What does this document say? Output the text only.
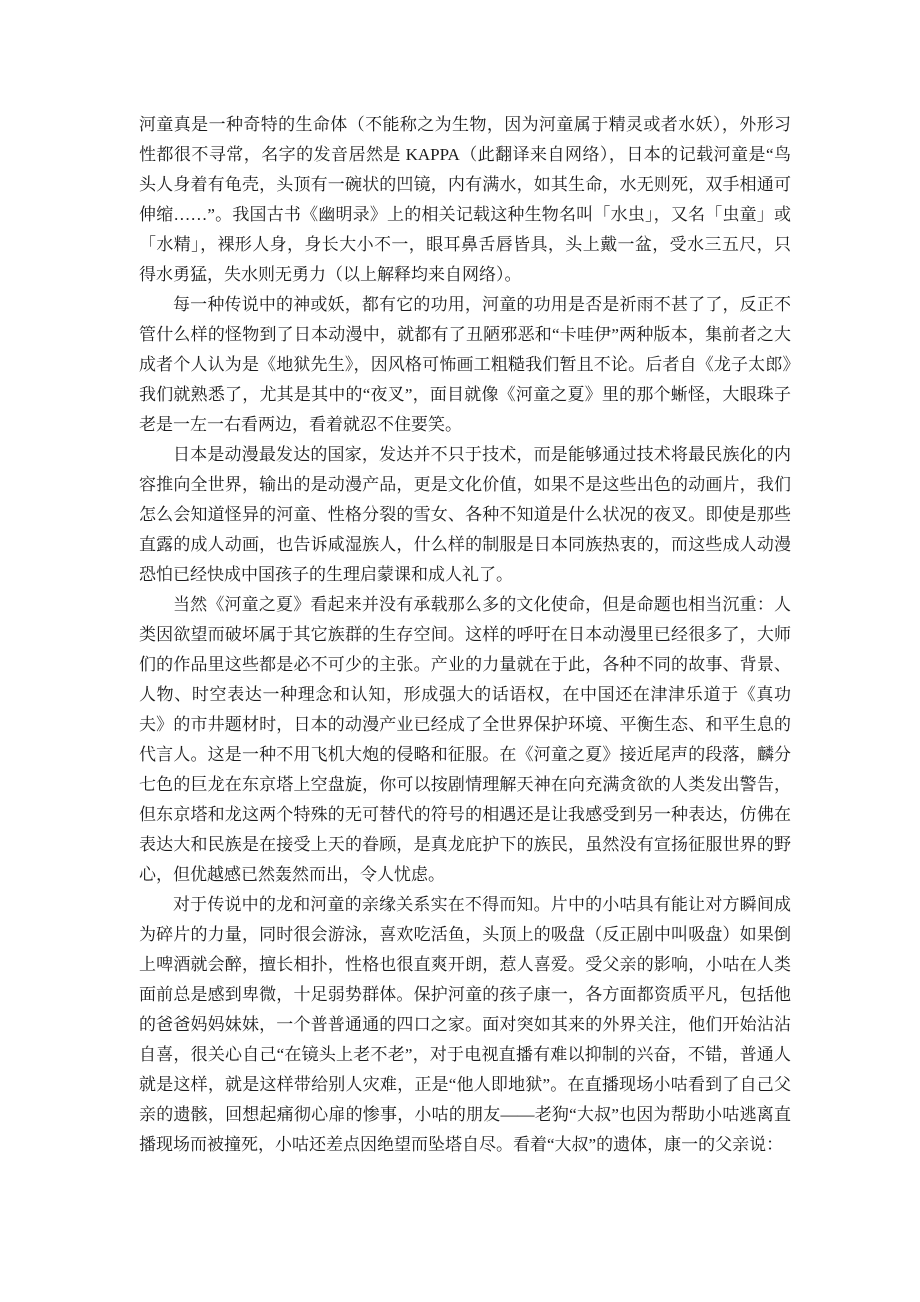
河童真是一种奇特的生命体（不能称之为生物，因为河童属于精灵或者水妖），外形习性都很不寻常，名字的发音居然是 KAPPA（此翻译来自网络），日本的记载河童是“鸟头人身着有龟壳，头顶有一碗状的凹镜，内有满水，如其生命，水无则死，双手相通可伸缩……”。我国古书《幽明录》上的相关记载这种生物名叫「水虫」，又名「虫童」或「水精」，裸形人身，身长大小不一，眼耳鼻舌唇皆具，头上戴一盆，受水三五尺，只得水勇猛，失水则无勇力（以上解释均来自网络）。

每一种传说中的神或妖，都有它的功用，河童的功用是否是祈雨不甚了了，反正不管什么样的怪物到了日本动漫中，就都有了丑陋邪恶和“卡哇伊”两种版本，集前者之大成者个人认为是《地狱先生》，因风格可怖画工粗糙我们暂且不论。后者自《龙子太郎》我们就熟悉了，尤其是其中的“夜叉”，面目就像《河童之夏》里的那个蜥怪，大眼珠子老是一左一右看两边，看着就忍不住要笑。

日本是动漫最发达的国家，发达并不只于技术，而是能够通过技术将最民族化的内容推向全世界，输出的是动漫产品，更是文化价值，如果不是这些出色的动画片，我们怎么会知道怪异的河童、性格分裂的雪女、各种不知道是什么状况的夜叉。即使是那些直露的成人动画，也告诉咸湿族人，什么样的制服是日本同族热衷的，而这些成人动漫恐怕已经快成中国孩子的生理启蒙课和成人礼了。

当然《河童之夏》看起来并没有承载那么多的文化使命，但是命题也相当沉重：人类因欲望而破坏属于其它族群的生存空间。这样的呼吁在日本动漫里已经很多了，大师们的作品里这些都是必不可少的主张。产业的力量就在于此，各种不同的故事、背景、人物、时空表达一种理念和认知，形成强大的话语权，在中国还在津津乐道于《真功夫》的市井题材时，日本的动漫产业已经成了全世界保护环境、平衡生态、和平生息的代言人。这是一种不用飞机大炮的侵略和征服。在《河童之夏》接近尾声的段落，麟分七色的巨龙在东京塔上空盘旋，你可以按剧情理解天神在向充满贪欲的人类发出警告，但东京塔和龙这两个特殊的无可替代的符号的相遇还是让我感受到另一种表达，仿佛在表达大和民族是在接受上天的眷顾，是真龙庇护下的族民，虽然没有宣扬征服世界的野心，但优越感已然轰然而出，令人忧虑。

对于传说中的龙和河童的亲缘关系实在不得而知。片中的小咕具有能让对方瞬间成为碎片的力量，同时很会游泳，喜欢吃活鱼，头顶上的吸盘（反正剧中叫吸盘）如果倒上啤酒就会醉，擅长相扑，性格也很直爽开朗，惹人喜爱。受父亲的影响，小咕在人类面前总是感到卑微，十足弱势群体。保护河童的孩子康一，各方面都资质平凡，包括他的爸爸妈妈妹妹，一个普普通通的四口之家。面对突如其来的外界关注，他们开始沾沾自喜，很关心自己“在镜头上老不老”，对于电视直播有难以抑制的兴奋，不错，普通人就是这样，就是这样带给别人灾难，正是“他人即地狱”。在直播现场小咕看到了自己父亲的遗骸，回想起痛彻心扉的惨事，小咕的朋友——老狗“大叔”也因为帮助小咕逃离直播现场而被撞死，小咕还差点因绝望而坠塔自尽。看着“大叔”的遗体，康一的父亲说：
